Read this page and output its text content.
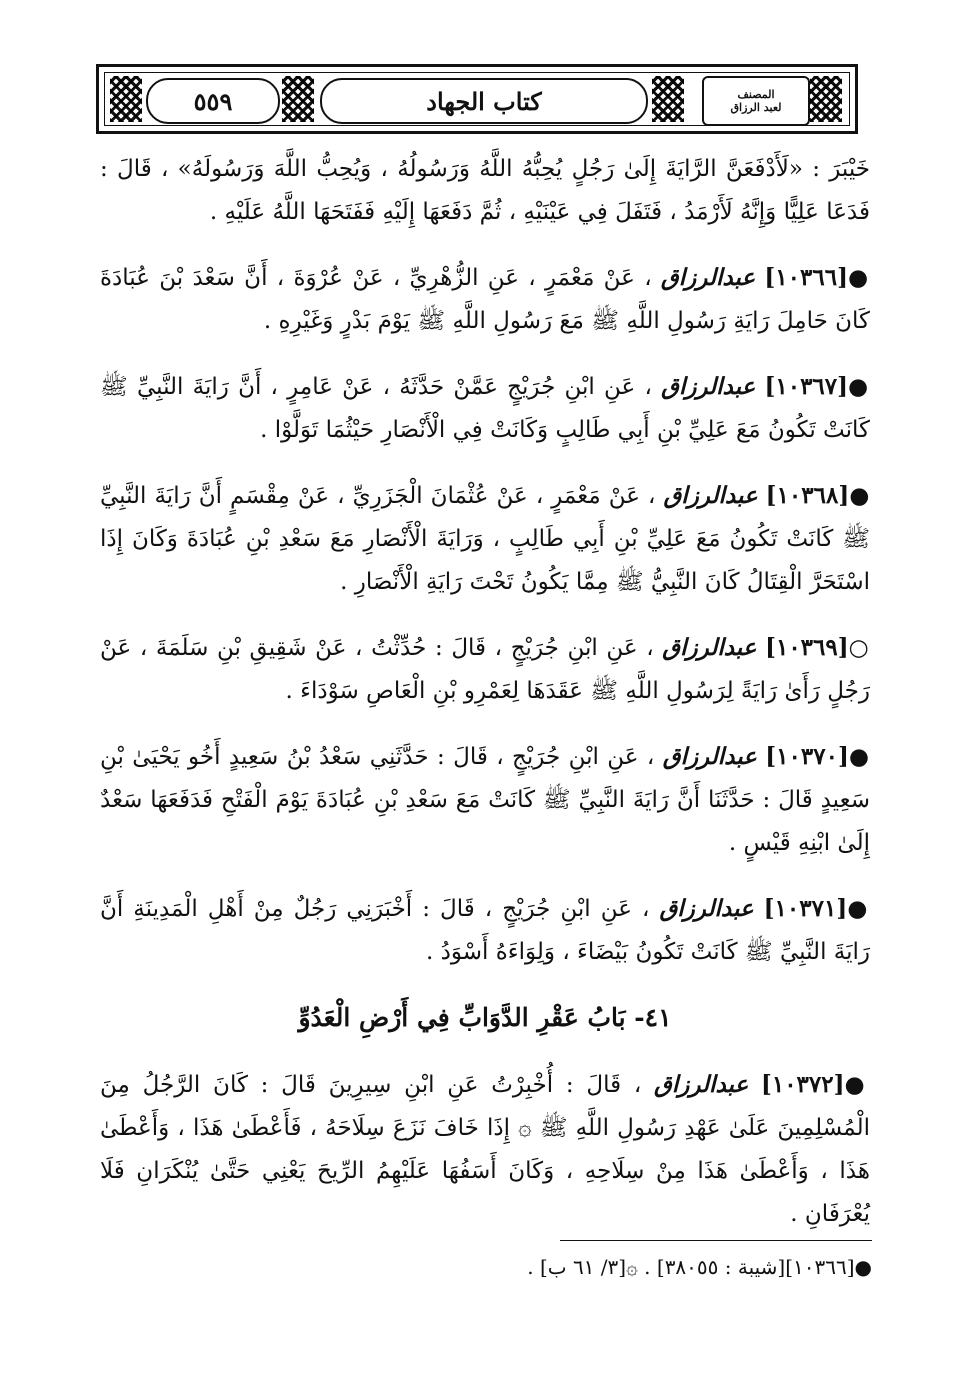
٥٥٩	كتاب الجهاد	المصنف
لعبد الرزاق

خَيْبَرَ : «لَأَدْفَعَنَّ الرَّايَةَ إِلَىٰ رَجُلٍ يُحِبُّهُ اللَّهُ وَرَسُولُهُ ، وَيُحِبُّ اللَّهَ وَرَسُولَهُ» ، قَالَ : فَدَعَا عَلِيًّا وَإِنَّهُ لَأَرْمَدُ ، فَتَفَلَ فِي عَيْنَيْهِ ، ثُمَّ دَفَعَهَا إِلَيْهِ فَفَتَحَهَا اللَّهُ عَلَيْهِ .

●[١٠٣٦٦] عبدالرزاق ، عَنْ مَعْمَرٍ ، عَنِ الزُّهْرِيِّ ، عَنْ عُرْوَةَ ، أَنَّ سَعْدَ بْنَ عُبَادَةَ كَانَ حَامِلَ رَايَةِ رَسُولِ اللَّهِ ﷺ مَعَ رَسُولِ اللَّهِ ﷺ يَوْمَ بَدْرٍ وَغَيْرِهِ .

●[١٠٣٦٧] عبدالرزاق ، عَنِ ابْنِ جُرَيْجٍ عَمَّنْ حَدَّثَهُ ، عَنْ عَامِرٍ ، أَنَّ رَايَةَ النَّبِيِّ ﷺ كَانَتْ تَكُونُ مَعَ عَلِيِّ بْنِ أَبِي طَالِبٍ وَكَانَتْ فِي الْأَنْصَارِ حَيْثُمَا تَوَلَّوْا .

●[١٠٣٦٨] عبدالرزاق ، عَنْ مَعْمَرٍ ، عَنْ عُثْمَانَ الْجَزَرِيِّ ، عَنْ مِقْسَمٍ أَنَّ رَايَةَ النَّبِيِّ ﷺ كَانَتْ تَكُونُ مَعَ عَلِيِّ بْنِ أَبِي طَالِبٍ ، وَرَايَةَ الْأَنْصَارِ مَعَ سَعْدِ بْنِ عُبَادَةَ وَكَانَ إِذَا اسْتَحَرَّ الْقِتَالُ كَانَ النَّبِيُّ ﷺ مِمَّا يَكُونُ تَحْتَ رَايَةِ الْأَنْصَارِ .

○[١٠٣٦٩] عبدالرزاق ، عَنِ ابْنِ جُرَيْجٍ ، قَالَ : حُدِّثْتُ ، عَنْ شَقِيقِ بْنِ سَلَمَةَ ، عَنْ رَجُلٍ رَأَىٰ رَايَةً لِرَسُولِ اللَّهِ ﷺ عَقَدَهَا لِعَمْرِو بْنِ الْعَاصِ سَوْدَاءَ .

●[١٠٣٧٠] عبدالرزاق ، عَنِ ابْنِ جُرَيْجٍ ، قَالَ : حَدَّثَنِي سَعْدُ بْنُ سَعِيدٍ أَخُو يَحْيَىٰ بْنِ سَعِيدٍ قَالَ : حَدَّثَنَا أَنَّ رَايَةَ النَّبِيِّ ﷺ كَانَتْ مَعَ سَعْدِ بْنِ عُبَادَةَ يَوْمَ الْفَتْحِ فَدَفَعَهَا سَعْدٌ إِلَىٰ ابْنِهِ قَيْسٍ .

●[١٠٣٧١] عبدالرزاق ، عَنِ ابْنِ جُرَيْجٍ ، قَالَ : أَخْبَرَنِي رَجُلٌ مِنْ أَهْلِ الْمَدِينَةِ أَنَّ رَايَةَ النَّبِيِّ ﷺ كَانَتْ تَكُونُ بَيْضَاءَ ، وَلِوَاءَهُ أَسْوَدُ .

٤١- بَابُ عَقْرِ الدَّوَابِّ فِي أَرْضِ الْعَدُوِّ

●[١٠٣٧٢] عبدالرزاق ، قَالَ : أُخْبِرْتُ عَنِ ابْنِ سِيرِينَ قَالَ : كَانَ الرَّجُلُ مِنَ الْمُسْلِمِينَ عَلَىٰ عَهْدِ رَسُولِ اللَّهِ ﷺ ۞ إِذَا خَافَ نَزَعَ سِلَاحَهُ ، فَأَعْطَىٰ هَذَا ، وَأَعْطَىٰ هَذَا ، وَأَعْطَىٰ هَذَا مِنْ سِلَاحِهِ ، وَكَانَ أَسَفُهَا عَلَيْهِمُ الرِّيحَ يَعْنِي حَتَّىٰ يُنْكَرَانِ فَلَا يُعْرَفَانِ .

●[١٠٣٦٦][شيبة : ٣٨٠٥٥] . ۞[٣/ ٦١ ب] .
